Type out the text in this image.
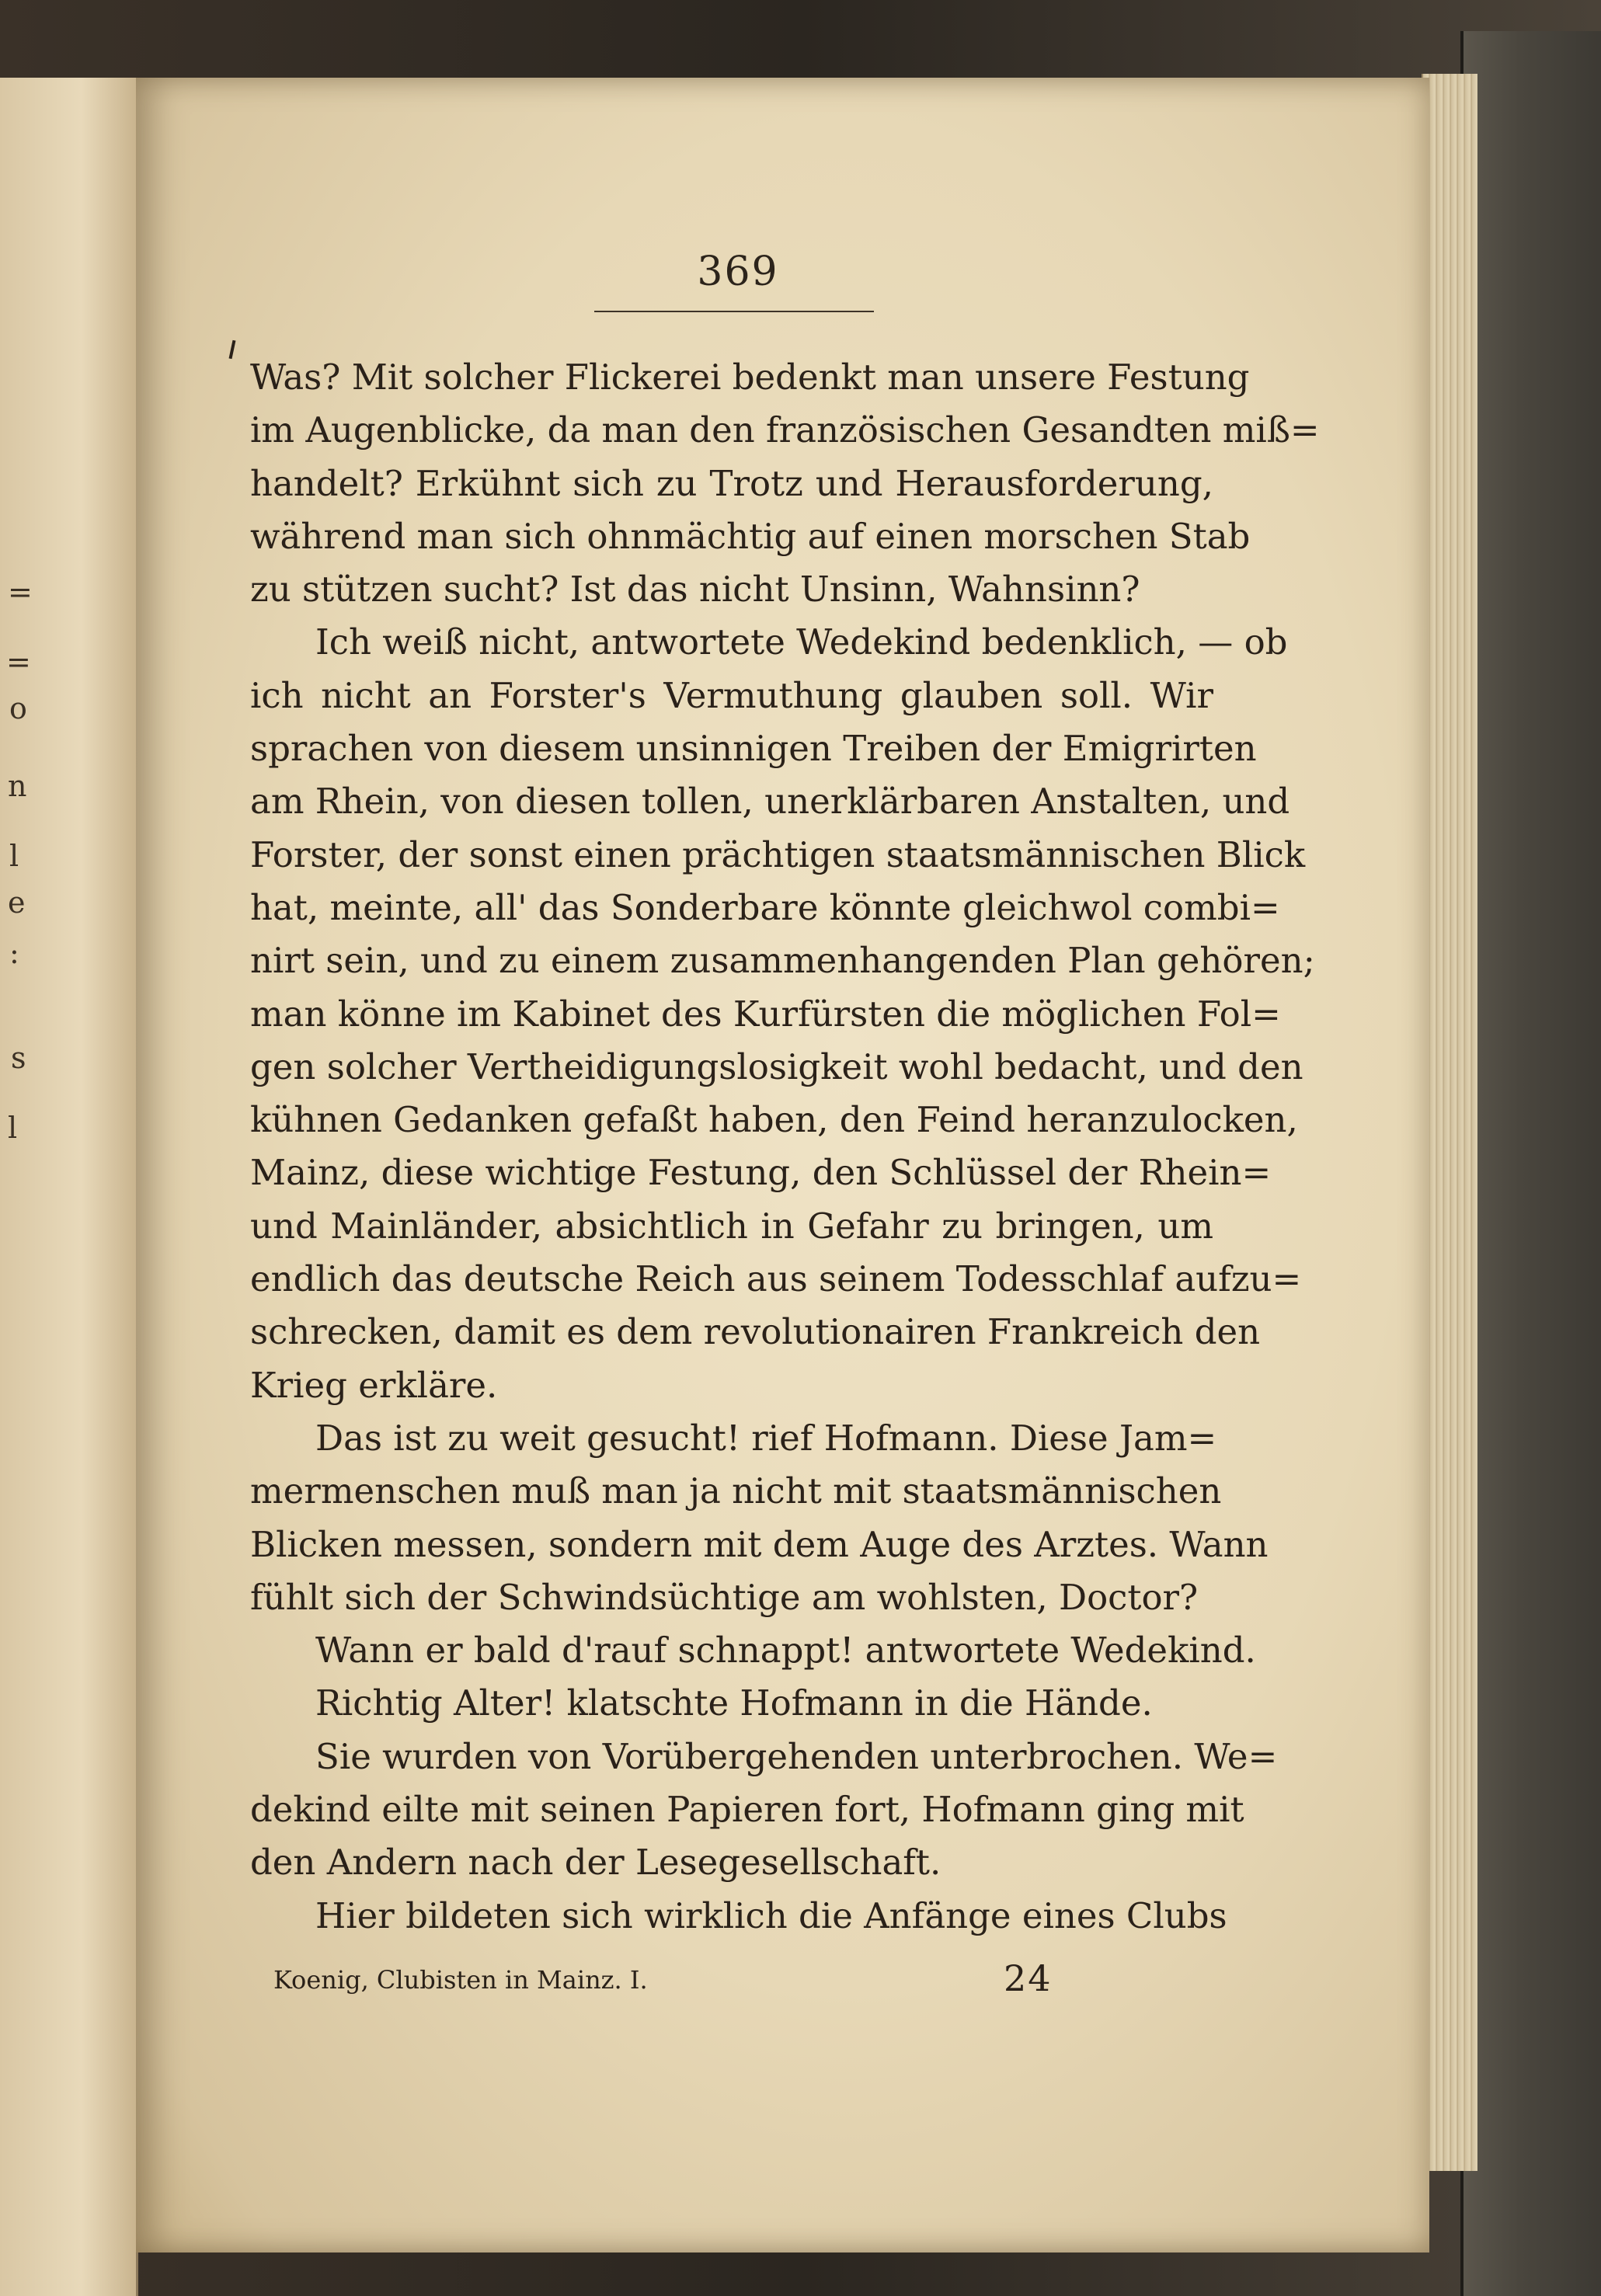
=
=
o
n
l
e
:
s
l
369
Was? Mit solcher Flickerei bedenkt man unsere Festung
im Augenblicke, da man den französischen Gesandten miß=
handelt? Erkühnt sich zu Trotz und Herausforderung,
während man sich ohnmächtig auf einen morschen Stab
zu stützen sucht? Ist das nicht Unsinn, Wahnsinn?
Ich weiß nicht, antwortete Wedekind bedenklich, — ob
ich nicht an Forster's Vermuthung glauben soll. Wir
sprachen von diesem unsinnigen Treiben der Emigrirten
am Rhein, von diesen tollen, unerklärbaren Anstalten, und
Forster, der sonst einen prächtigen staatsmännischen Blick
hat, meinte, all' das Sonderbare könnte gleichwol combi=
nirt sein, und zu einem zusammenhangenden Plan gehören;
man könne im Kabinet des Kurfürsten die möglichen Fol=
gen solcher Vertheidigungslosigkeit wohl bedacht, und den
kühnen Gedanken gefaßt haben, den Feind heranzulocken,
Mainz, diese wichtige Festung, den Schlüssel der Rhein=
und Mainländer, absichtlich in Gefahr zu bringen, um
endlich das deutsche Reich aus seinem Todesschlaf aufzu=
schrecken, damit es dem revolutionairen Frankreich den
Krieg erkläre.
Das ist zu weit gesucht! rief Hofmann. Diese Jam=
mermenschen muß man ja nicht mit staatsmännischen
Blicken messen, sondern mit dem Auge des Arztes. Wann
fühlt sich der Schwindsüchtige am wohlsten, Doctor?
Wann er bald d'rauf schnappt! antwortete Wedekind.
Richtig Alter! klatschte Hofmann in die Hände.
Sie wurden von Vorübergehenden unterbrochen. We=
dekind eilte mit seinen Papieren fort, Hofmann ging mit
den Andern nach der Lesegesellschaft.
Hier bildeten sich wirklich die Anfänge eines Clubs
Koenig, Clubisten in Mainz. I.	24
